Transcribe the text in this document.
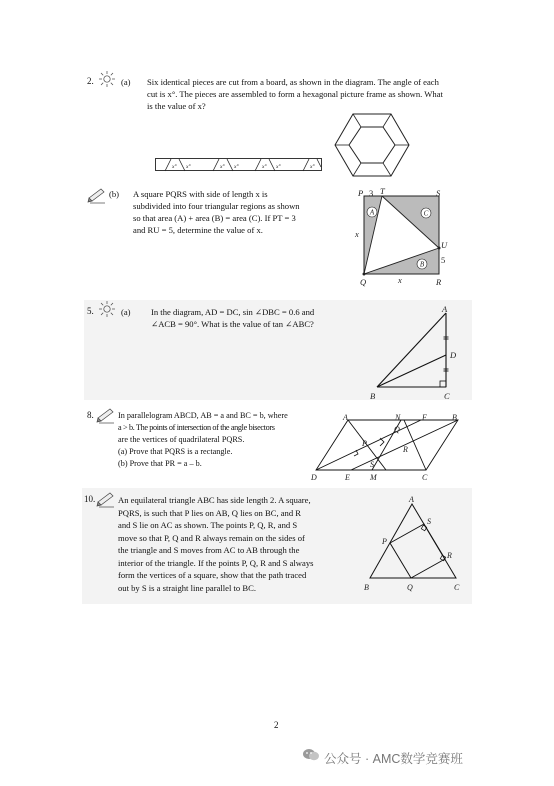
2.	(a) Six identical pieces are cut from a board, as shown in the diagram. The angle of each
cut is x°. The pieces are assembled to form a hexagonal picture frame as shown. What
is the value of x?
x° x°	x° x°	x° x°	x°
(b) A square PQRS with side of length x is
subdivided into four triangular regions as shown
so that area (A) + area (B) = area (C). If PT = 3
and RU = 5, determine the value of x.
A	C
B
P 3 T	S
U
5
x
Q	x	R
5.	(a) In the diagram, AD = DC, sin ∠DBC = 0.6 and
∠ACB = 90°. What is the value of tan ∠ABC?
A
D
B	C
8.	In parallelogram ABCD, AB = a and BC = b, where
a > b. The points of intersection of the angle bisectors
are the vertices of quadrilateral PQRS.
(a) Prove that PQRS is a rectangle.
(b) Prove that PR = a – b.
A	N	F	B
Q
P
R
S
D	E	M	C
10.	An equilateral triangle ABC has side length 2. A square,
PQRS, is such that P lies on AB, Q lies on BC, and R
and S lie on AC as shown. The points P, Q, R, and S
move so that P, Q and R always remain on the sides of
the triangle and S moves from AC to AB through the
interior of the triangle. If the points P, Q, R and S always
form the vertices of a square, show that the path traced
out by S is a straight line parallel to BC.
A
S
P
R
B	Q	C
2
公众号 · AMC数学竞赛班
